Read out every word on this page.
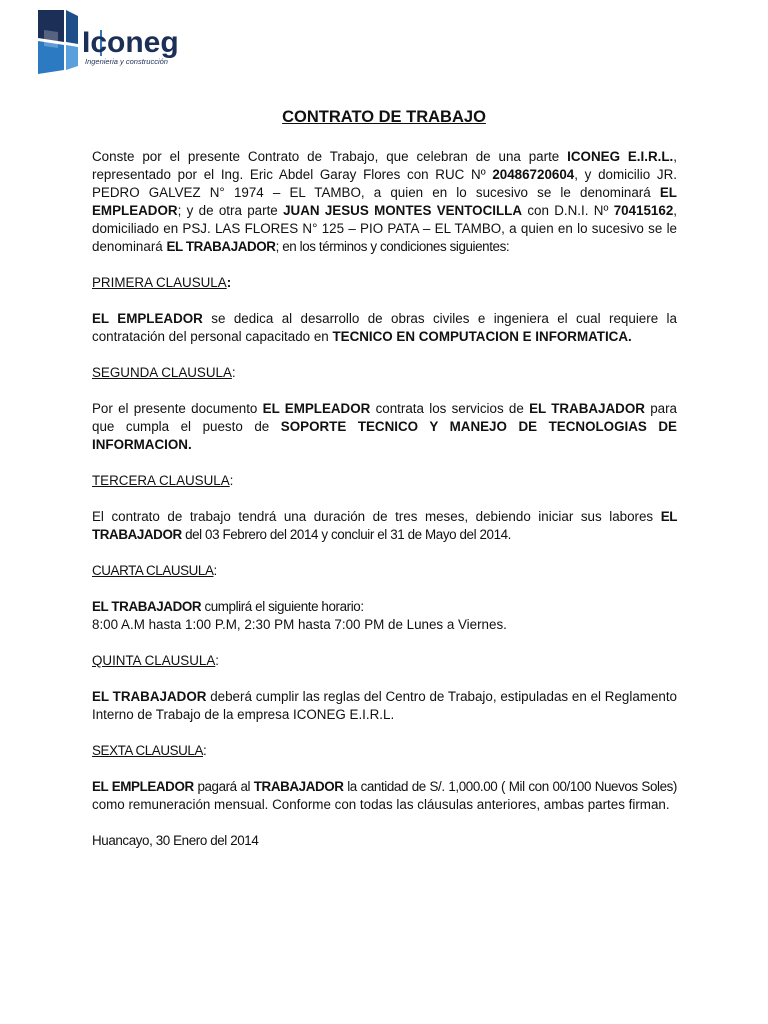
Iconeg
Ingenieria y construcción
CONTRATO DE TRABAJO

Conste por el presente Contrato de Trabajo, que celebran de una parte ICONEG E.I.R.L., representado por el Ing. Eric Abdel Garay Flores con RUC Nº 20486720604, y domicilio JR. PEDRO GALVEZ N° 1974 – EL TAMBO, a quien en lo sucesivo se le denominará EL EMPLEADOR; y de otra parte JUAN JESUS MONTES VENTOCILLA con D.N.I. Nº 70415162, domiciliado en PSJ. LAS FLORES N° 125 – PIO PATA – EL TAMBO, a quien en lo sucesivo se le denominará EL TRABAJADOR; en los términos y condiciones siguientes:

PRIMERA CLAUSULA:

EL EMPLEADOR se dedica al desarrollo de obras civiles e ingeniera el cual requiere la contratación del personal capacitado en TECNICO EN COMPUTACION E INFORMATICA.

SEGUNDA CLAUSULA:

Por el presente documento EL EMPLEADOR contrata los servicios de EL TRABAJADOR para que cumpla el puesto de SOPORTE TECNICO Y MANEJO DE TECNOLOGIAS DE INFORMACION.

TERCERA CLAUSULA:

El contrato de trabajo tendrá una duración de tres meses, debiendo iniciar sus labores EL TRABAJADOR del 03 Febrero del 2014 y concluir el 31 de Mayo del 2014.

CUARTA CLAUSULA:

EL TRABAJADOR cumplirá el siguiente horario:

8:00 A.M hasta 1:00 P.M, 2:30 PM hasta 7:00 PM de Lunes a Viernes.

QUINTA CLAUSULA:

EL TRABAJADOR deberá cumplir las reglas del Centro de Trabajo, estipuladas en el Reglamento Interno de Trabajo de la empresa ICONEG E.I.R.L.

SEXTA CLAUSULA:

EL EMPLEADOR pagará al TRABAJADOR la cantidad de S/. 1,000.00 ( Mil con 00/100 Nuevos Soles) como remuneración mensual. Conforme con todas las cláusulas anteriores, ambas partes firman.

Huancayo, 30 Enero del 2014
